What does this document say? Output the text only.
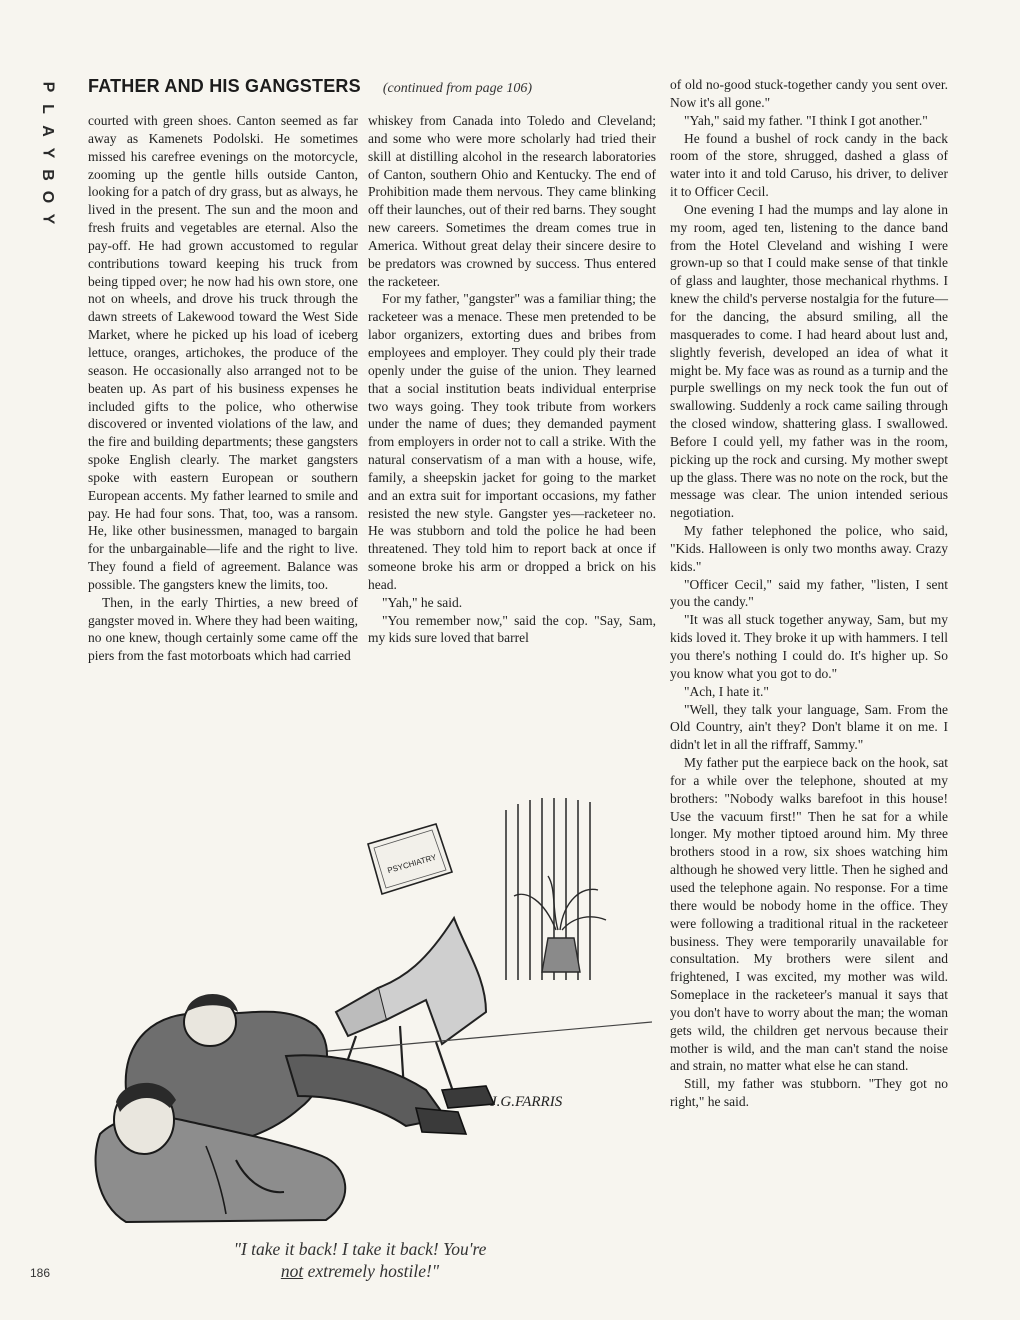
P
L
A
Y
B
O
Y
FATHER AND HIS GANGSTERS (continued from page 106)

courted with green shoes. Canton seemed as far away as Kamenets Podolski. He sometimes missed his carefree evenings on the motorcycle, zooming up the gentle hills outside Canton, looking for a patch of dry grass, but as always, he lived in the present. The sun and the moon and fresh fruits and vegetables are eternal. Also the pay-off. He had grown accustomed to regular contributions toward keeping his truck from being tipped over; he now had his own store, one not on wheels, and drove his truck through the dawn streets of Lakewood toward the West Side Market, where he picked up his load of iceberg lettuce, oranges, artichokes, the produce of the season. He occasionally also arranged not to be beaten up. As part of his business expenses he included gifts to the police, who otherwise discovered or invented violations of the law, and the fire and building departments; these gangsters spoke English clearly. The market gangsters spoke with eastern European or southern European accents. My father learned to smile and pay. He had four sons. That, too, was a ransom. He, like other businessmen, managed to bargain for the unbargainable—life and the right to live. They found a field of agreement. Balance was possible. The gangsters knew the limits, too.

Then, in the early Thirties, a new breed of gangster moved in. Where they had been waiting, no one knew, though certainly some came off the piers from the fast motorboats which had carried

whiskey from Canada into Toledo and Cleveland; and some who were more scholarly had tried their skill at distilling alcohol in the research laboratories of Canton, southern Ohio and Kentucky. The end of Prohibition made them nervous. They came blinking off their launches, out of their red barns. They sought new careers. Sometimes the dream comes true in America. Without great delay their sincere desire to be predators was crowned by success. Thus entered the racketeer.

For my father, "gangster" was a familiar thing; the racketeer was a menace. These men pretended to be labor organizers, extorting dues and bribes from employees and employer. They could ply their trade openly under the guise of the union. They learned that a social institution beats individual enterprise two ways going. They took tribute from workers under the name of dues; they demanded payment from employers in order not to call a strike. With the natural conservatism of a man with a house, wife, family, a sheepskin jacket for going to the market and an extra suit for important occasions, my father resisted the new style. Gangster yes—racketeer no. He was stubborn and told the police he had been threatened. They told him to report back at once if someone broke his arm or dropped a brick on his head.

"Yah," he said.

"You remember now," said the cop. "Say, Sam, my kids sure loved that barrel

of old no-good stuck-together candy you sent over. Now it's all gone."

"Yah," said my father. "I think I got another."

He found a bushel of rock candy in the back room of the store, shrugged, dashed a glass of water into it and told Caruso, his driver, to deliver it to Officer Cecil.

One evening I had the mumps and lay alone in my room, aged ten, listening to the dance band from the Hotel Cleveland and wishing I were grown-up so that I could make sense of that tinkle of glass and laughter, those mechanical rhythms. I knew the child's perverse nostalgia for the future—for the dancing, the absurd smiling, all the masquerades to come. I had heard about lust and, slightly feverish, developed an idea of what it might be. My face was as round as a turnip and the purple swellings on my neck took the fun out of swallowing. Suddenly a rock came sailing through the closed window, shattering glass. I swallowed. Before I could yell, my father was in the room, picking up the rock and cursing. My mother swept up the glass. There was no note on the rock, but the message was clear. The union intended serious negotiation.

My father telephoned the police, who said, "Kids. Halloween is only two months away. Crazy kids."

"Officer Cecil," said my father, "listen, I sent you the candy."

"It was all stuck together anyway, Sam, but my kids loved it. They broke it up with hammers. I tell you there's nothing I could do. It's higher up. So you know what you got to do."

"Ach, I hate it."

"Well, they talk your language, Sam. From the Old Country, ain't they? Don't blame it on me. I didn't let in all the riffraff, Sammy."

My father put the earpiece back on the hook, sat for a while over the telephone, shouted at my brothers: "Nobody walks barefoot in this house! Use the vacuum first!" Then he sat for a while longer. My mother tiptoed around him. My three brothers stood in a row, six shoes watching him although he showed very little. Then he sighed and used the telephone again. No response. For a time there would be nobody home in the office. They were following a traditional ritual in the racketeer business. They were temporarily unavailable for consultation. My brothers were silent and frightened, I was excited, my mother was wild. Someplace in the racketeer's manual it says that you don't have to worry about the man; the woman gets wild, the children get nervous because their mother is wild, and the man can't stand the noise and strain, no matter what else he can stand.

Still, my father was stubborn. "They got no right," he said.

PSYCHIATRY
J.G.FARRIS
"I take it back! I take it back! You're
not extremely hostile!"
186
